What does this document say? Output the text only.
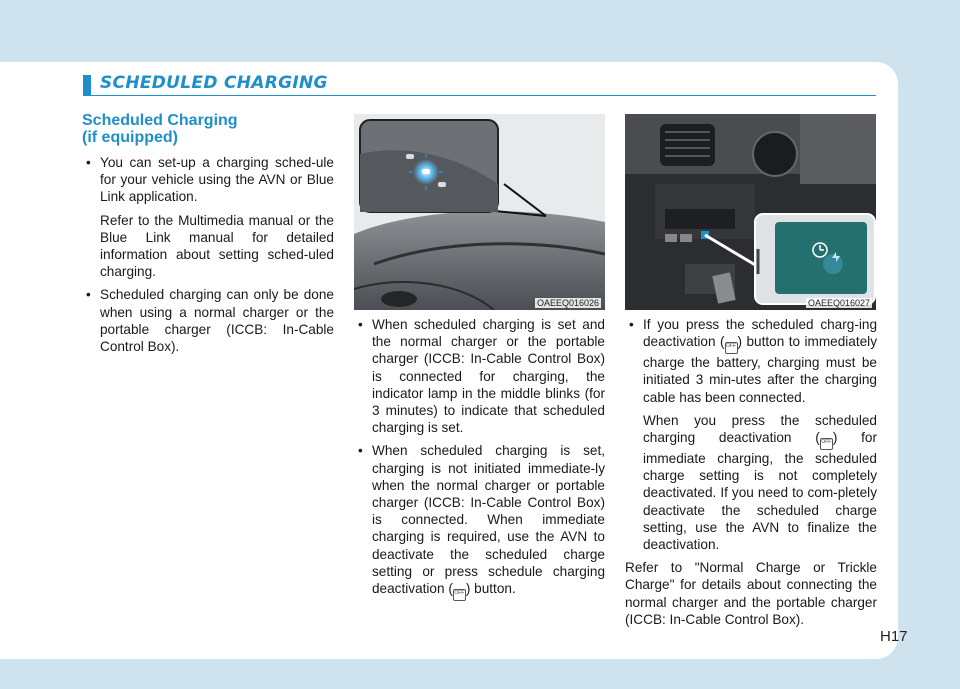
SCHEDULED CHARGING
Scheduled Charging
(if equipped)
• You can set-up a charging sched-ule for your vehicle using the AVN or Blue Link application.
Refer to the Multimedia manual or the Blue Link manual for detailed information about setting sched-uled charging.
• Scheduled charging can only be done when using a normal charger or the portable charger (ICCB: In-Cable Control Box).
OAEEQ016026	OAEEQ016027
• When scheduled charging is set and the normal charger or the portable charger (ICCB: In-Cable Control Box) is connected for charging, the indicator lamp in the middle blinks (for 3 minutes) to indicate that scheduled charging is set.
• When scheduled charging is set, charging is not initiated immediate-ly when the normal charger or portable charger (ICCB: In-Cable Control Box) is connected. When immediate charging is required, use the AVN to deactivate the scheduled charge setting or press schedule charging deactivation ( OFF ) button.
• If you press the scheduled charg-ing deactivation ( OFF ) button to immediately charge the battery, charging must be initiated 3 min-utes after the charging cable has been connected.
When you press the scheduled charging deactivation ( OFF ) for immediate charging, the scheduled charge setting is not completely deactivated. If you need to com-pletely deactivate the scheduled charge setting, use the AVN to finalize the deactivation.
Refer to "Normal Charge or Trickle Charge" for details about connecting the normal charger and the portable charger (ICCB: In-Cable Control Box).
H17
